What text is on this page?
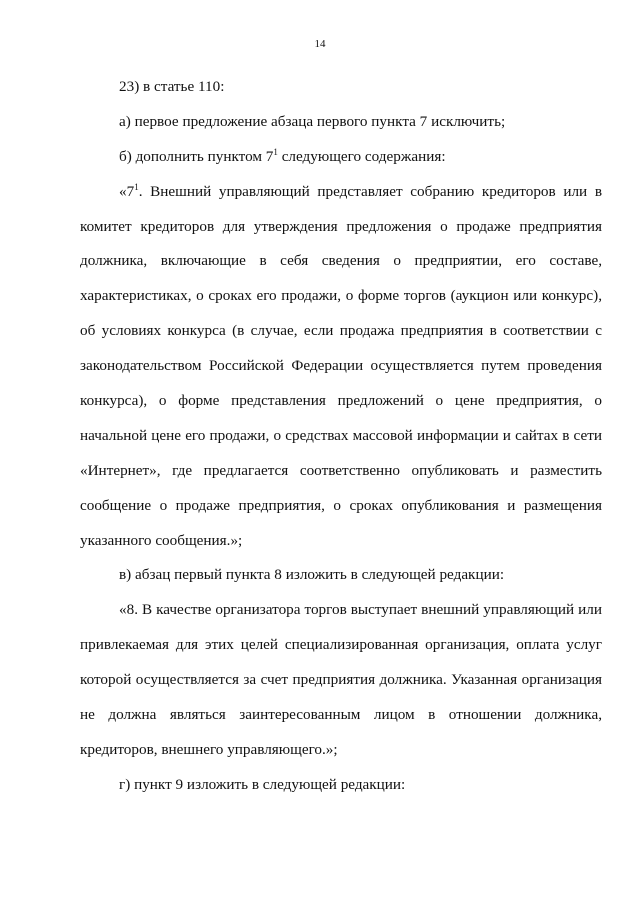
14
23) в статье 110:
а) первое предложение абзаца первого пункта 7 исключить;
б) дополнить пунктом $7^1$ следующего содержания:
«$7^1$. Внешний управляющий представляет собранию кредиторов или в
комитет кредиторов для утверждения предложения о продаже предприятия
должника, включающие в себя сведения о предприятии, его составе,
характеристиках, о сроках его продажи, о форме торгов (аукцион или конкурс),
об условиях конкурса (в случае, если продажа предприятия в соответствии с
законодательством Российской Федерации осуществляется путем проведения
конкурса), о форме представления предложений о цене предприятия, о
начальной цене его продажи, о средствах массовой информации и сайтах в сети
«Интернет», где предлагается соответственно опубликовать и разместить
сообщение о продаже предприятия, о сроках опубликования и размещения
указанного сообщения.»;
в) абзац первый пункта 8 изложить в следующей редакции:
«8. В качестве организатора торгов выступает внешний управляющий или
привлекаемая для этих целей специализированная организация, оплата услуг
которой осуществляется за счет предприятия должника. Указанная организация
не должна являться заинтересованным лицом в отношении должника,
кредиторов, внешнего управляющего.»;
г) пункт 9 изложить в следующей редакции:
